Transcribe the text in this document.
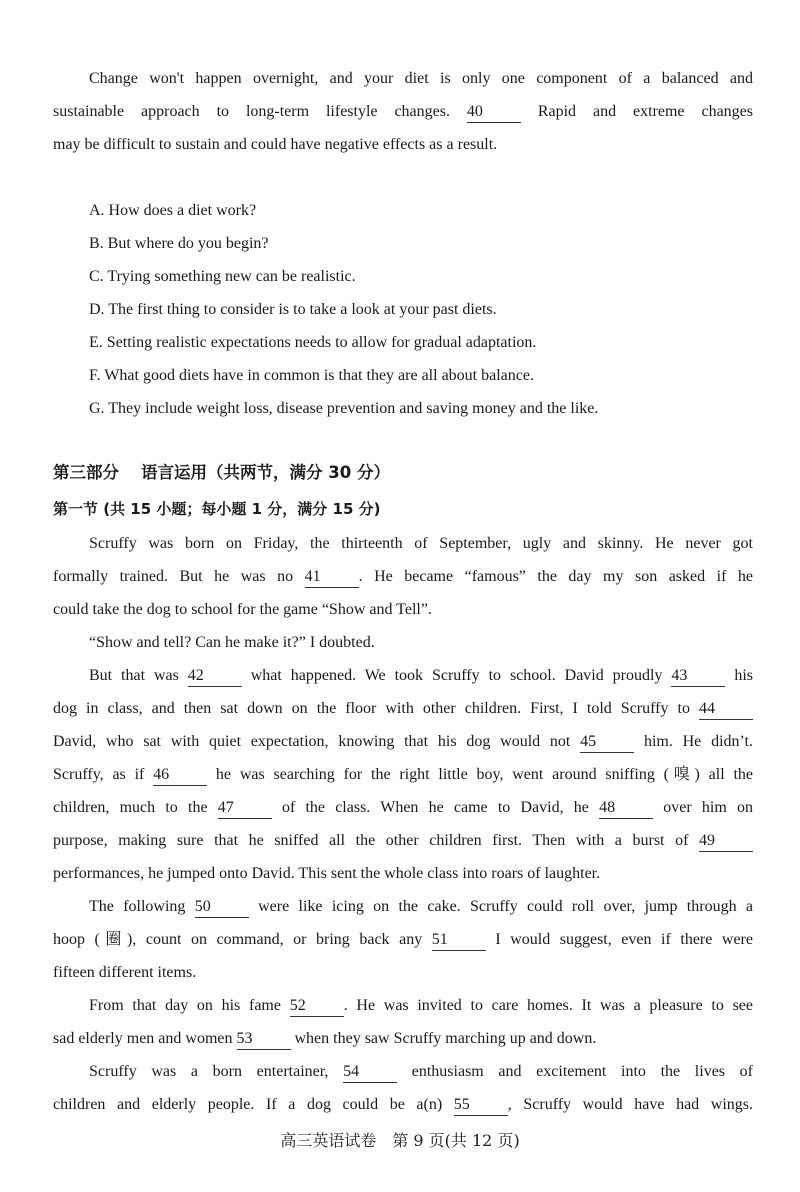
Change won't happen overnight, and your diet is only one component of a balanced and
sustainable approach to long-term lifestyle changes. 40 Rapid and extreme changes
may be difficult to sustain and could have negative effects as a result.
A. How does a diet work?
B. But where do you begin?
C. Trying something new can be realistic.
D. The first thing to consider is to take a look at your past diets.
E. Setting realistic expectations needs to allow for gradual adaptation.
F. What good diets have in common is that they are all about balance.
G. They include weight loss, disease prevention and saving money and the like.
第三部分 语言运用（共两节，满分 30 分）
第一节 (共 15 小题；每小题 1 分，满分 15 分)
Scruffy was born on Friday, the thirteenth of September, ugly and skinny. He never got
formally trained. But he was no 41 . He became “famous” the day my son asked if he
could take the dog to school for the game “Show and Tell”.
“Show and tell? Can he make it?” I doubted.
But that was 42 what happened. We took Scruffy to school. David proudly 43 his
dog in class, and then sat down on the floor with other children. First, I told Scruffy to 44
David, who sat with quiet expectation, knowing that his dog would not 45 him. He didn’t.
Scruffy, as if 46 he was searching for the right little boy, went around sniffing (嗅) all the
children, much to the 47 of the class. When he came to David, he 48 over him on
purpose, making sure that he sniffed all the other children first. Then with a burst of 49
performances, he jumped onto David. This sent the whole class into roars of laughter.
The following 50 were like icing on the cake. Scruffy could roll over, jump through a
hoop (圈), count on command, or bring back any 51 I would suggest, even if there were
fifteen different items.
From that day on his fame 52 . He was invited to care homes. It was a pleasure to see
sad elderly men and women 53 when they saw Scruffy marching up and down.
Scruffy was a born entertainer, 54 enthusiasm and excitement into the lives of
children and elderly people. If a dog could be a(n) 55 , Scruffy would have had wings.
高三英语试卷　第 9 页(共 12 页)
